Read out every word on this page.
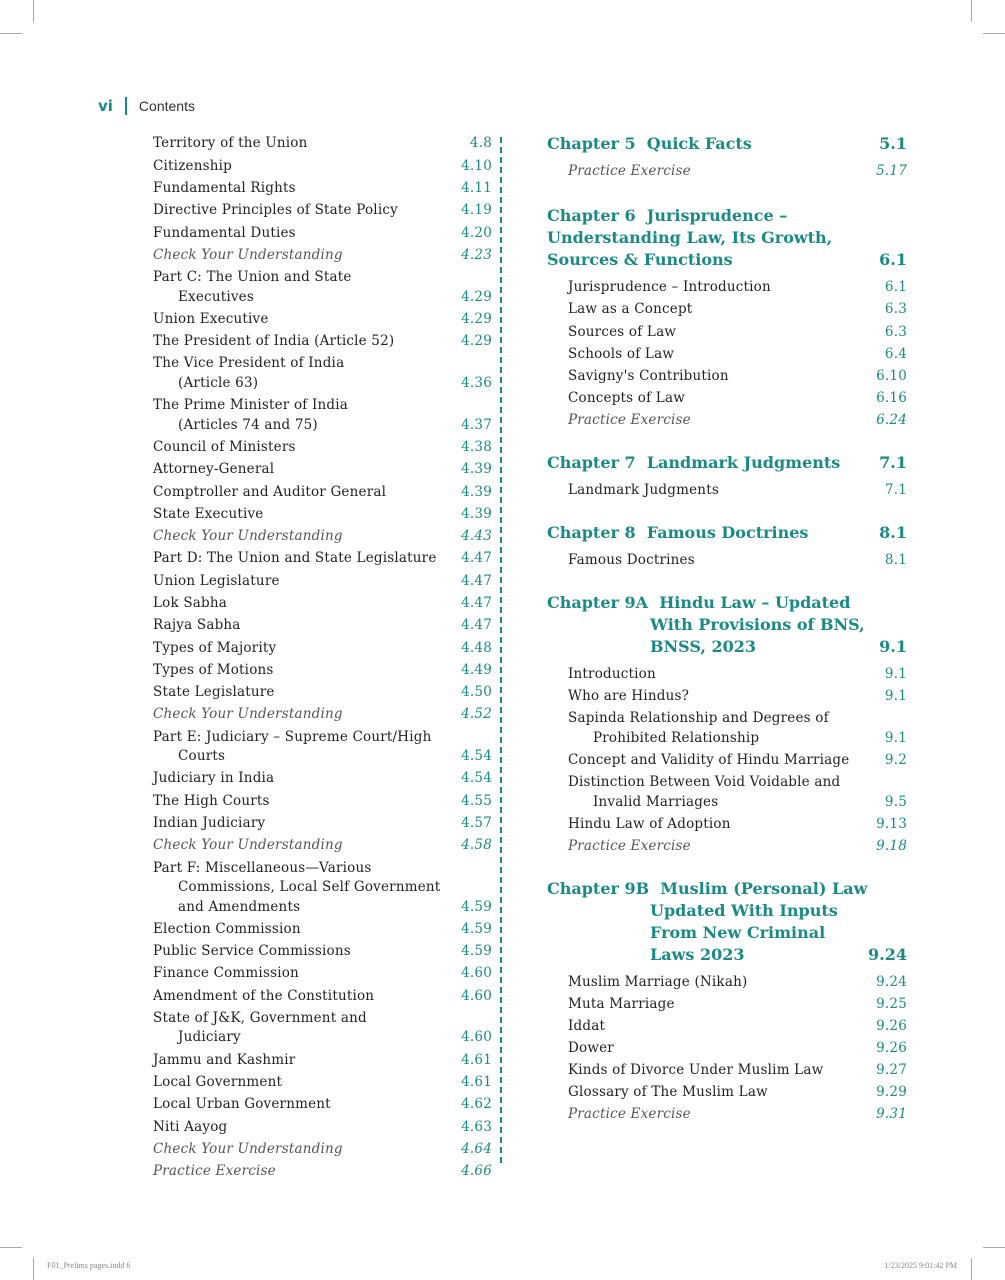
vi Contents
Territory of the Union	4.8
Citizenship	4.10
Fundamental Rights	4.11
Directive Principles of State Policy	4.19
Fundamental Duties	4.20
Check Your Understanding	4.23
Part C: The Union and State
Executives	4.29
Union Executive	4.29
The President of India (Article 52)	4.29
The Vice President of India
(Article 63)	4.36
The Prime Minister of India
(Articles 74 and 75)	4.37
Council of Ministers	4.38
Attorney-General	4.39
Comptroller and Auditor General	4.39
State Executive	4.39
Check Your Understanding	4.43
Part D: The Union and State Legislature	4.47
Union Legislature	4.47
Lok Sabha	4.47
Rajya Sabha	4.47
Types of Majority	4.48
Types of Motions	4.49
State Legislature	4.50
Check Your Understanding	4.52
Part E: Judiciary – Supreme Court/High
Courts	4.54
Judiciary in India	4.54
The High Courts	4.55
Indian Judiciary	4.57
Check Your Understanding	4.58
Part F: Miscellaneous—Various
Commissions, Local Self Government
and Amendments	4.59
Election Commission	4.59
Public Service Commissions	4.59
Finance Commission	4.60
Amendment of the Constitution	4.60
State of J&K, Government and
Judiciary	4.60
Jammu and Kashmir	4.61
Local Government	4.61
Local Urban Government	4.62
Niti Aayog	4.63
Check Your Understanding	4.64
Practice Exercise	4.66
Chapter 5 Quick Facts	5.1
Practice Exercise	5.17
Chapter 6 Jurisprudence –
Understanding Law, Its Growth,
Sources & Functions	6.1
Jurisprudence – Introduction	6.1
Law as a Concept	6.3
Sources of Law	6.3
Schools of Law	6.4
Savigny's Contribution	6.10
Concepts of Law	6.16
Practice Exercise	6.24
Chapter 7 Landmark Judgments	7.1
Landmark Judgments	7.1
Chapter 8 Famous Doctrines	8.1
Famous Doctrines	8.1
Chapter 9A Hindu Law – Updated
With Provisions of BNS,
BNSS, 2023	9.1
Introduction	9.1
Who are Hindus?	9.1
Sapinda Relationship and Degrees of
Prohibited Relationship	9.1
Concept and Validity of Hindu Marriage	9.2
Distinction Between Void Voidable and
Invalid Marriages	9.5
Hindu Law of Adoption	9.13
Practice Exercise	9.18
Chapter 9B Muslim (Personal) Law
Updated With Inputs
From New Criminal
Laws 2023	9.24
Muslim Marriage (Nikah)	9.24
Muta Marriage	9.25
Iddat	9.26
Dower	9.26
Kinds of Divorce Under Muslim Law	9.27
Glossary of The Muslim Law	9.29
Practice Exercise	9.31
F01_Prelims pages.indd 6	1/23/2025 9:01:42 PM
